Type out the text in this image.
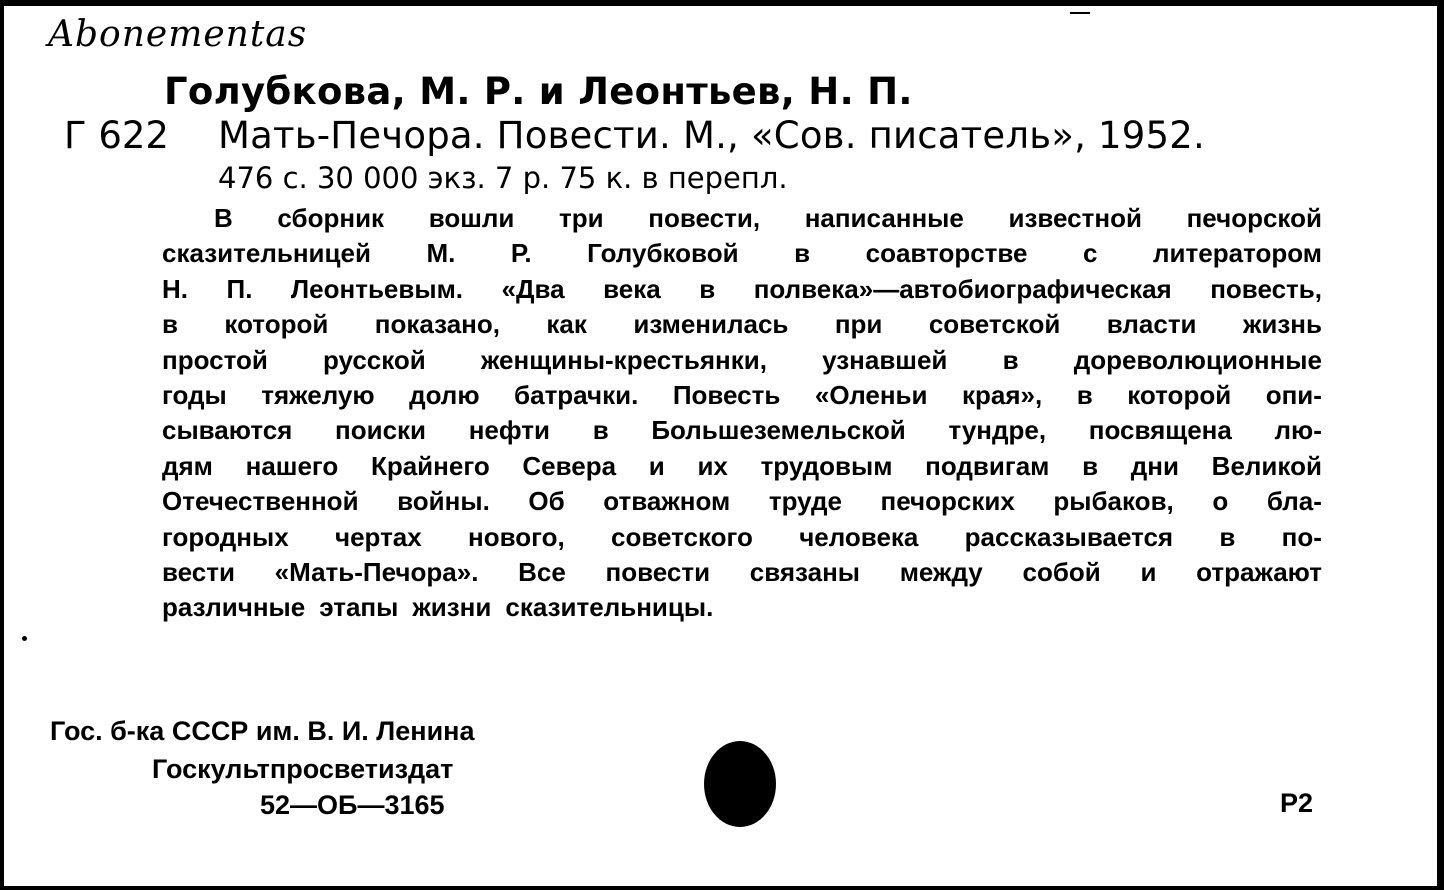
Abonementas
Голубкова, М. Р. и Леонтьев, Н. П.
Г 622 Мать-Печора. Повести. М., «Сов. писатель», 1952.
476 с. 30 000 экз. 7 р. 75 к. в перепл.
В сборник вошли три повести, написанные известной печорской
сказительницей М. Р. Голубковой в соавторстве с литератором
Н. П. Леонтьевым. «Два века в полвека»—автобиографическая повесть,
в которой показано, как изменилась при советской власти жизнь
простой русской женщины-крестьянки, узнавшей в дореволюционные
годы тяжелую долю батрачки. Повесть «Оленьи края», в которой опи-
сываются поиски нефти в Большеземельской тундре, посвящена лю-
дям нашего Крайнего Севера и их трудовым подвигам в дни Великой
Отечественной войны. Об отважном труде печорских рыбаков, о бла-
городных чертах нового, советского человека рассказывается в по-
вести «Мать-Печора». Все повести связаны между собой и отражают
различные этапы жизни сказительницы.
Гос. б-ка СССР им. В. И. Ленина
Госкультпросветиздат
52—ОБ—3165	Р2
